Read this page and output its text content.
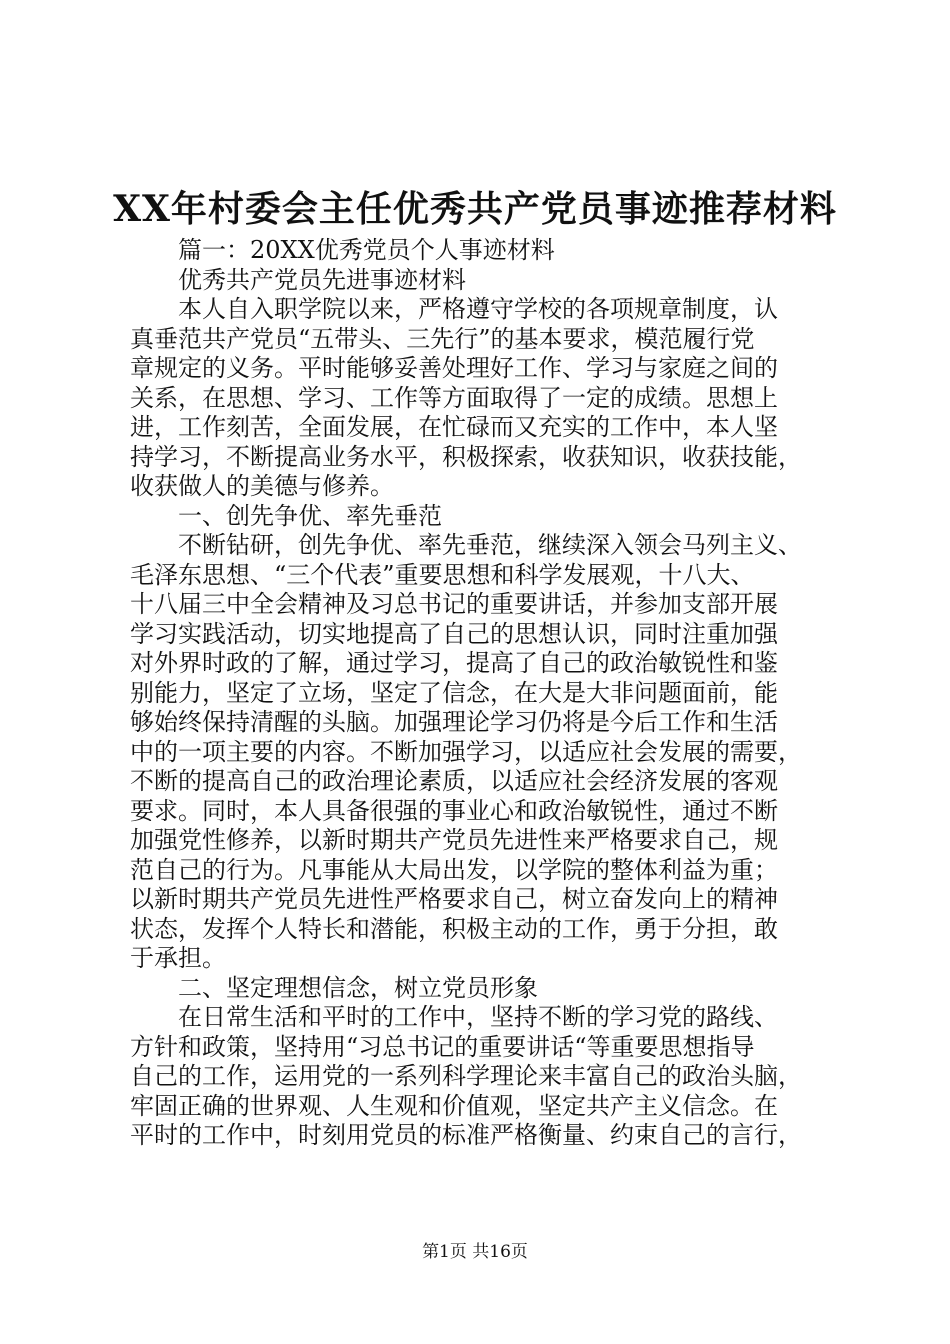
XX年村委会主任优秀共产党员事迹推荐材料

篇一：20XX优秀党员个人事迹材料

优秀共产党员先进事迹材料

本人自入职学院以来，严格遵守学校的各项规章制度，认

真垂范共产党员“五带头、三先行”的基本要求，模范履行党

章规定的义务。平时能够妥善处理好工作、学习与家庭之间的

关系，在思想、学习、工作等方面取得了一定的成绩。思想上

进，工作刻苦，全面发展，在忙碌而又充实的工作中，本人坚

持学习，不断提高业务水平，积极探索，收获知识，收获技能，

收获做人的美德与修养。

一、创先争优、率先垂范

不断钻研，创先争优、率先垂范，继续深入领会马列主义、

毛泽东思想、“三个代表”重要思想和科学发展观，十八大、

十八届三中全会精神及习总书记的重要讲话，并参加支部开展

学习实践活动，切实地提高了自己的思想认识，同时注重加强

对外界时政的了解，通过学习，提高了自己的政治敏锐性和鉴

别能力，坚定了立场，坚定了信念，在大是大非问题面前，能

够始终保持清醒的头脑。加强理论学习仍将是今后工作和生活

中的一项主要的内容。不断加强学习，以适应社会发展的需要，

不断的提高自己的政治理论素质，以适应社会经济发展的客观

要求。同时，本人具备很强的事业心和政治敏锐性，通过不断

加强党性修养，以新时期共产党员先进性来严格要求自己，规

范自己的行为。凡事能从大局出发，以学院的整体利益为重；

以新时期共产党员先进性严格要求自己，树立奋发向上的精神

状态，发挥个人特长和潜能，积极主动的工作，勇于分担，敢

于承担。

二、坚定理想信念，树立党员形象

在日常生活和平时的工作中，坚持不断的学习党的路线、

方针和政策，坚持用“习总书记的重要讲话“等重要思想指导

自己的工作，运用党的一系列科学理论来丰富自己的政治头脑，

牢固正确的世界观、人生观和价值观，坚定共产主义信念。在

平时的工作中，时刻用党员的标准严格衡量、约束自己的言行，

第1页 共16页
